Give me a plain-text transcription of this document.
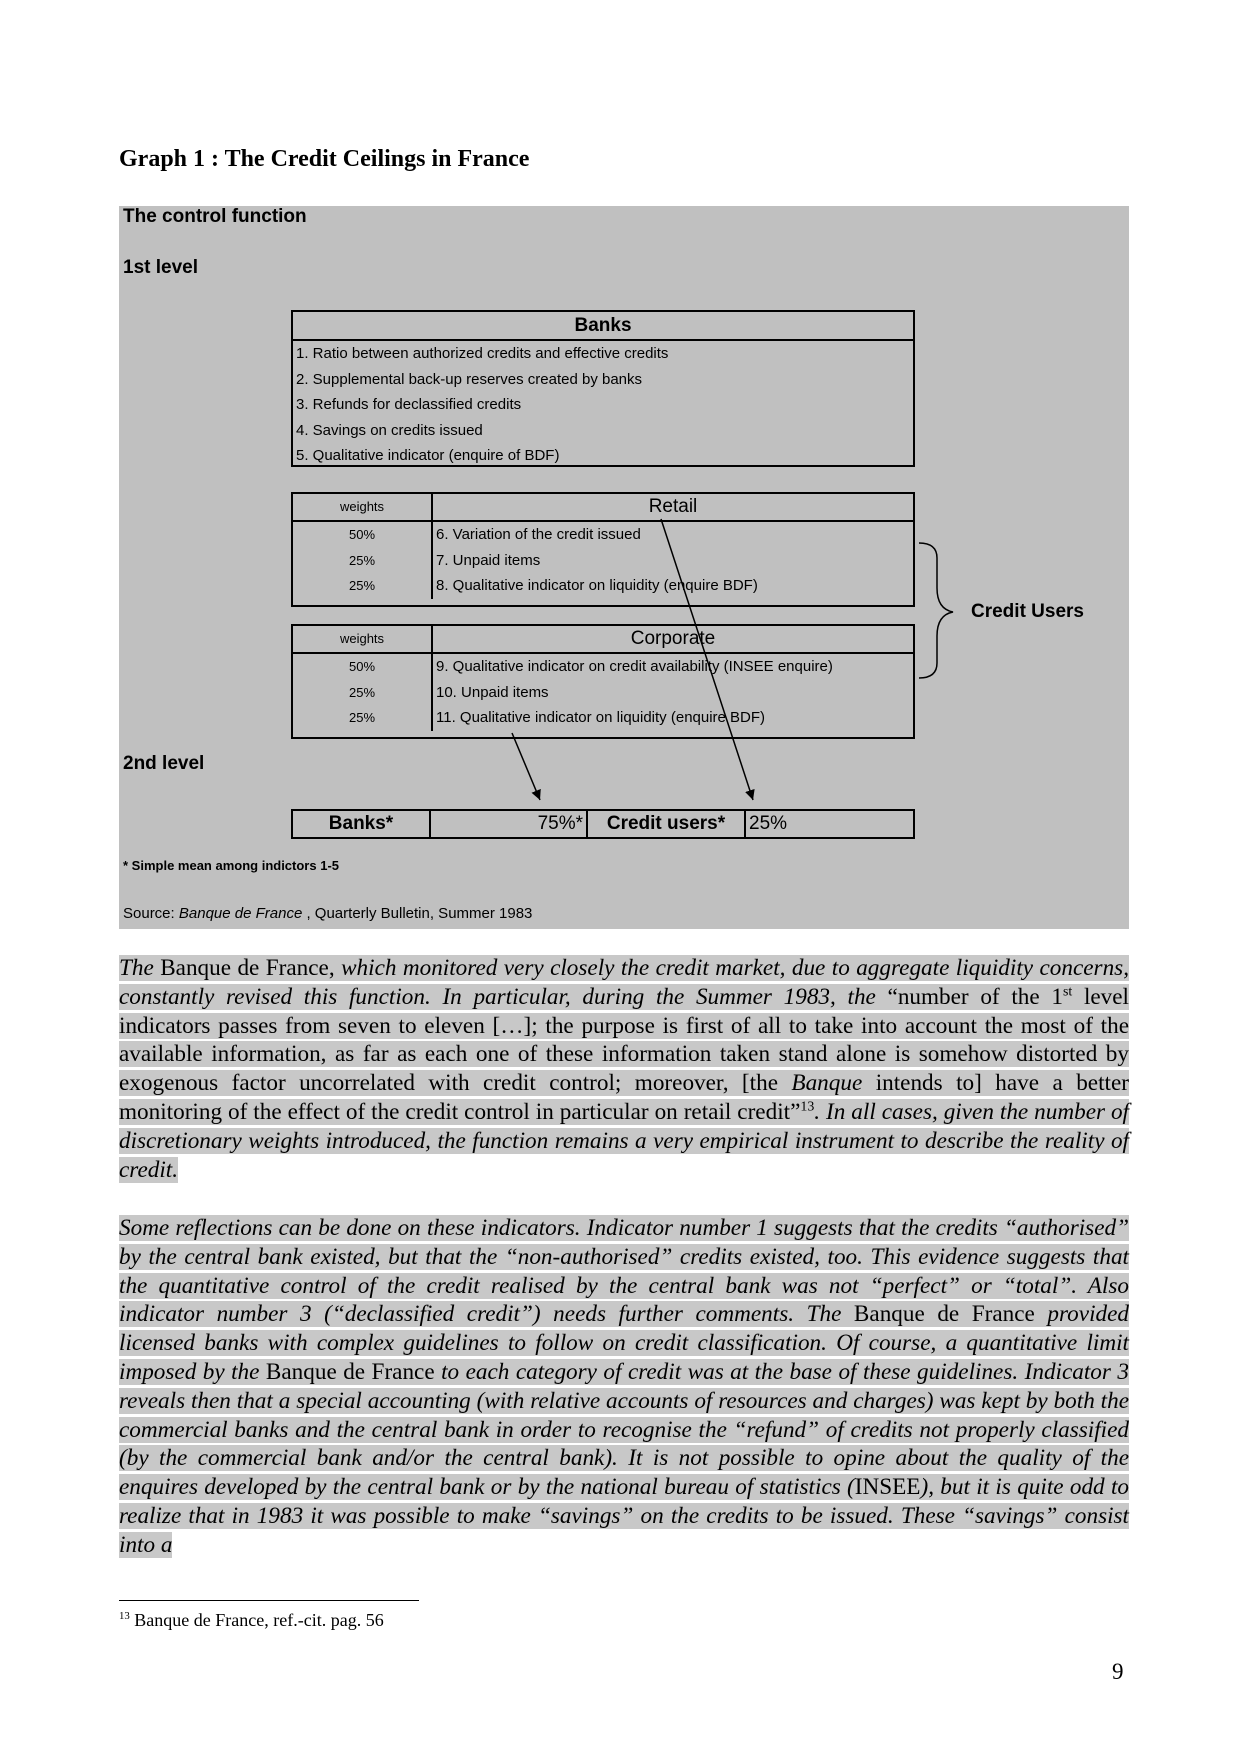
Graph 1 : The Credit Ceilings in France
The control function
1st level
Banks
1. Ratio between authorized credits and effective credits
2. Supplemental back-up reserves created by banks
3. Refunds for declassified credits
4. Savings on credits issued
5. Qualitative indicator (enquire of BDF)
weights	Retail
50%	6. Variation of the credit issued
25%	7. Unpaid items
25%	8. Qualitative indicator on liquidity (enquire BDF)
weights	Corporate
50%	9. Qualitative indicator on credit availability (INSEE enquire)
25%	10. Unpaid items
25%	11. Qualitative indicator on liquidity (enquire BDF)
Credit Users
2nd level
Banks*	75%*	Credit users*	25%
* Simple mean among indictors 1-5
Source: Banque de France , Quarterly Bulletin, Summer 1983

The Banque de France, which monitored very closely the credit market, due to aggregate liquidity concerns, constantly revised this function. In particular, during the Summer 1983, the “number of the 1st level indicators passes from seven to eleven […]; the purpose is first of all to take into account the most of the available information, as far as each one of these information taken stand alone is somehow distorted by exogenous factor uncorrelated with credit control; moreover, [the Banque intends to] have a better monitoring of the effect of the credit control in particular on retail credit”$^{13}$. In all cases, given the number of discretionary weights introduced, the function remains a very empirical instrument to describe the reality of credit.

Some reflections can be done on these indicators. Indicator number 1 suggests that the credits “authorised” by the central bank existed, but that the “non-authorised” credits existed, too. This evidence suggests that the quantitative control of the credit realised by the central bank was not “perfect” or “total”. Also indicator number 3 (“declassified credit”) needs further comments. The Banque de France provided licensed banks with complex guidelines to follow on credit classification. Of course, a quantitative limit imposed by the Banque de France to each category of credit was at the base of these guidelines. Indicator 3 reveals then that a special accounting (with relative accounts of resources and charges) was kept by both the commercial banks and the central bank in order to recognise the “refund” of credits not properly classified (by the commercial bank and/or the central bank). It is not possible to opine about the quality of the enquires developed by the central bank or by the national bureau of statistics (INSEE), but it is quite odd to realize that in 1983 it was possible to make “savings” on the credits to be issued. These “savings” consist into a

$^{13}$ Banque de France, ref.-cit. pag. 56

9
